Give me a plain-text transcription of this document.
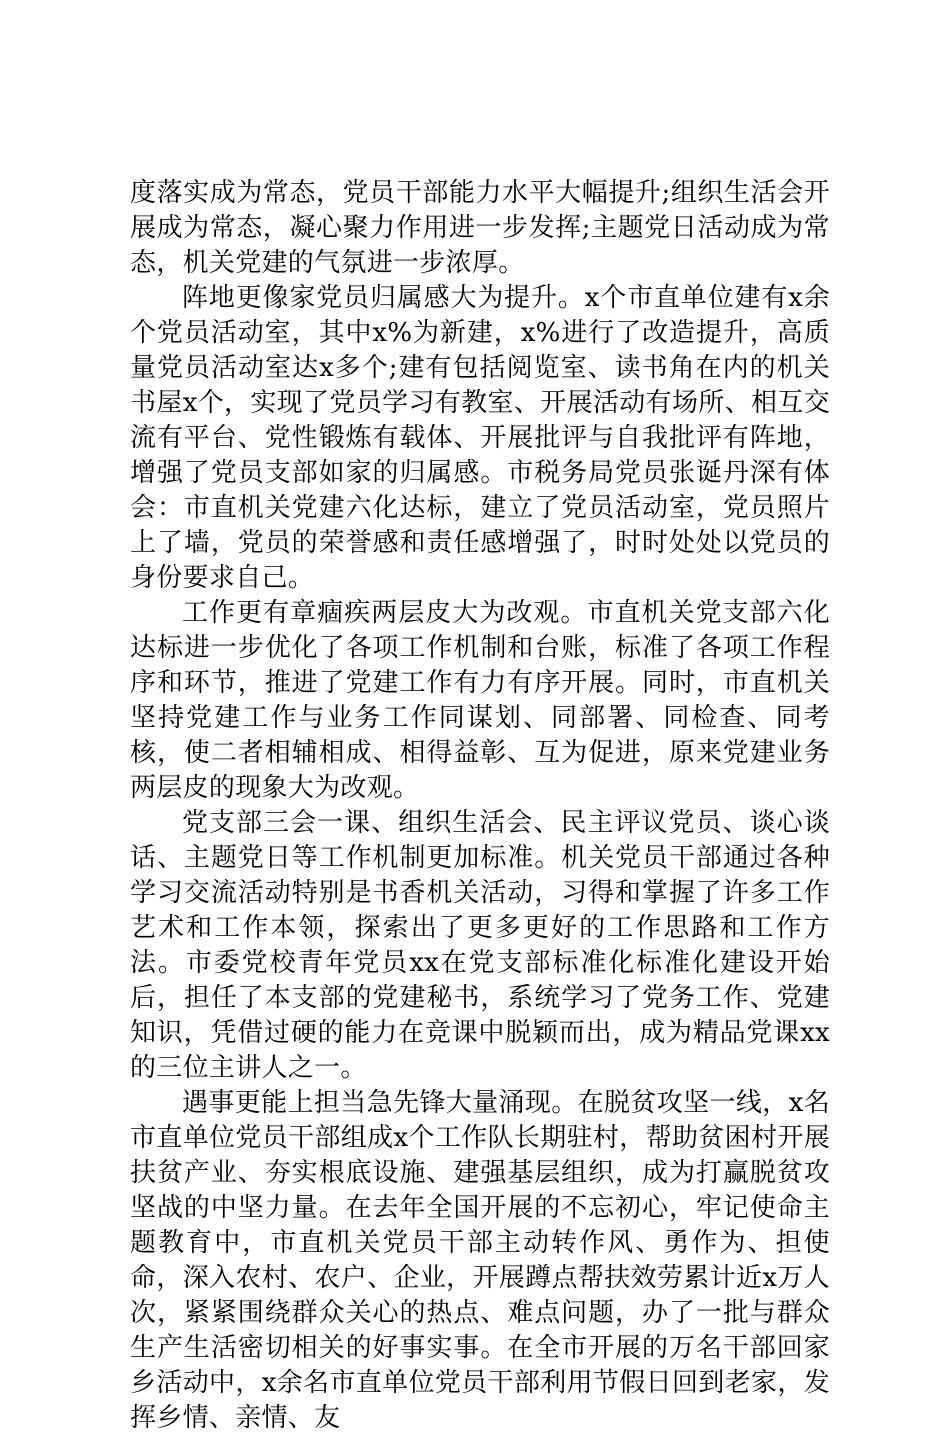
度落实成为常态，党员干部能力水平大幅提升;组织生活会开展成为常态，凝心聚力作用进一步发挥;主题党日活动成为常态，机关党建的气氛进一步浓厚。

阵地更像家党员归属感大为提升。x个市直单位建有x余个党员活动室，其中x%为新建，x%进行了改造提升，高质量党员活动室达x多个;建有包括阅览室、读书角在内的机关书屋x个，实现了党员学习有教室、开展活动有场所、相互交流有平台、党性锻炼有载体、开展批评与自我批评有阵地，增强了党员支部如家的归属感。市税务局党员张诞丹深有体会：市直机关党建六化达标，建立了党员活动室，党员照片上了墙，党员的荣誉感和责任感增强了，时时处处以党员的身份要求自己。

工作更有章痼疾两层皮大为改观。市直机关党支部六化达标进一步优化了各项工作机制和台账，标准了各项工作程序和环节，推进了党建工作有力有序开展。同时，市直机关坚持党建工作与业务工作同谋划、同部署、同检查、同考核，使二者相辅相成、相得益彰、互为促进，原来党建业务两层皮的现象大为改观。

党支部三会一课、组织生活会、民主评议党员、谈心谈话、主题党日等工作机制更加标准。机关党员干部通过各种学习交流活动特别是书香机关活动，习得和掌握了许多工作艺术和工作本领，探索出了更多更好的工作思路和工作方法。市委党校青年党员xx在党支部标准化标准化建设开始后，担任了本支部的党建秘书，系统学习了党务工作、党建知识，凭借过硬的能力在竞课中脱颖而出，成为精品党课xx的三位主讲人之一。

遇事更能上担当急先锋大量涌现。在脱贫攻坚一线，x名市直单位党员干部组成x个工作队长期驻村，帮助贫困村开展扶贫产业、夯实根底设施、建强基层组织，成为打赢脱贫攻坚战的中坚力量。在去年全国开展的不忘初心，牢记使命主题教育中，市直机关党员干部主动转作风、勇作为、担使命，深入农村、农户、企业，开展蹲点帮扶效劳累计近x万人次，紧紧围绕群众关心的热点、难点问题，办了一批与群众生产生活密切相关的好事实事。在全市开展的万名干部回家乡活动中，x余名市直单位党员干部利用节假日回到老家，发挥乡情、亲情、友
